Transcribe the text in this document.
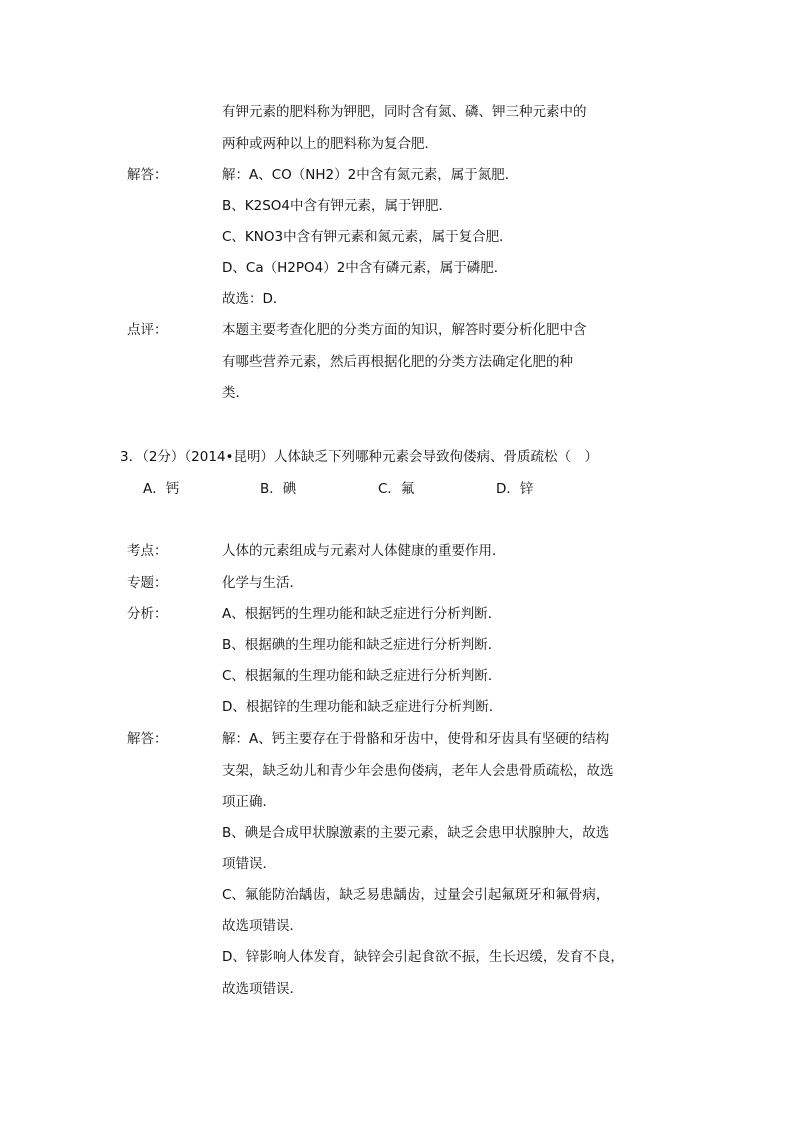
有钾元素的肥料称为钾肥，同时含有氮、磷、钾三种元素中的
两种或两种以上的肥料称为复合肥．
解答：	解：A、CO（NH2）2中含有氮元素，属于氮肥．
B、K2SO4中含有钾元素，属于钾肥．
C、KNO3中含有钾元素和氮元素，属于复合肥．
D、Ca（H2PO4）2中含有磷元素，属于磷肥．
故选：D．
点评：	本题主要考查化肥的分类方面的知识，解答时要分析化肥中含
有哪些营养元素，然后再根据化肥的分类方法确定化肥的种
类．
3．（2分）（2014•昆明）人体缺乏下列哪种元素会导致佝偻病、骨质疏松（　）
A．钙	B．碘	C．氟	D．锌
考点：	人体的元素组成与元素对人体健康的重要作用．
专题：	化学与生活．
分析：	A、根据钙的生理功能和缺乏症进行分析判断．
B、根据碘的生理功能和缺乏症进行分析判断．
C、根据氟的生理功能和缺乏症进行分析判断．
D、根据锌的生理功能和缺乏症进行分析判断．
解答：	解：A、钙主要存在于骨骼和牙齿中，使骨和牙齿具有坚硬的结构
支架，缺乏幼儿和青少年会患佝偻病，老年人会患骨质疏松，故选
项正确．
B、碘是合成甲状腺激素的主要元素，缺乏会患甲状腺肿大，故选
项错误．
C、氟能防治龋齿，缺乏易患龋齿，过量会引起氟斑牙和氟骨病，
故选项错误．
D、锌影响人体发育，缺锌会引起食欲不振，生长迟缓，发育不良，
故选项错误．
